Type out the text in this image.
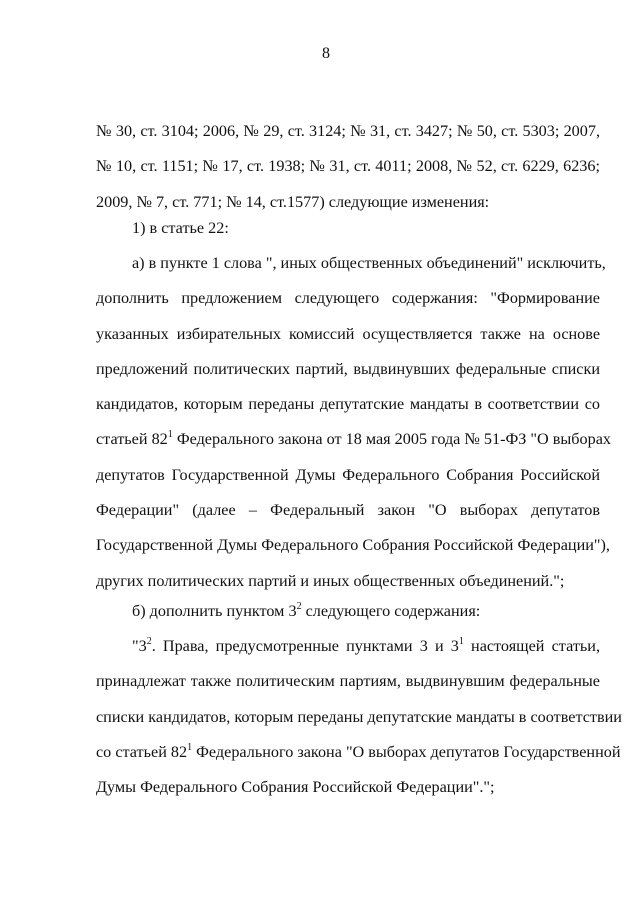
8
№ 30, ст. 3104; 2006, № 29, ст. 3124; № 31, ст. 3427; № 50, ст. 5303; 2007,
№ 10, ст. 1151; № 17, ст. 1938; № 31, ст. 4011; 2008, № 52, ст. 6229, 6236;
2009, № 7, ст. 771; № 14, ст.1577) следующие изменения:
1) в статье 22:
а) в пункте 1 слова ", иных общественных объединений" исключить,
дополнить предложением следующего содержания: "Формирование
указанных избирательных комиссий осуществляется также на основе
предложений политических партий, выдвинувших федеральные списки
кандидатов, которым переданы депутатские мандаты в соответствии со
статьей $82^1$ Федерального закона от 18 мая 2005 года № 51-ФЗ "О выборах
депутатов Государственной Думы Федерального Собрания Российской
Федерации" (далее – Федеральный закон "О выборах депутатов
Государственной Думы Федерального Собрания Российской Федерации"),
других политических партий и иных общественных объединений.";
б) дополнить пунктом $3^2$ следующего содержания:
"$3^2$. Права, предусмотренные пунктами 3 и $3^1$ настоящей статьи,
принадлежат также политическим партиям, выдвинувшим федеральные
списки кандидатов, которым переданы депутатские мандаты в соответствии
со статьей $82^1$ Федерального закона "О выборах депутатов Государственной
Думы Федерального Собрания Российской Федерации".";
